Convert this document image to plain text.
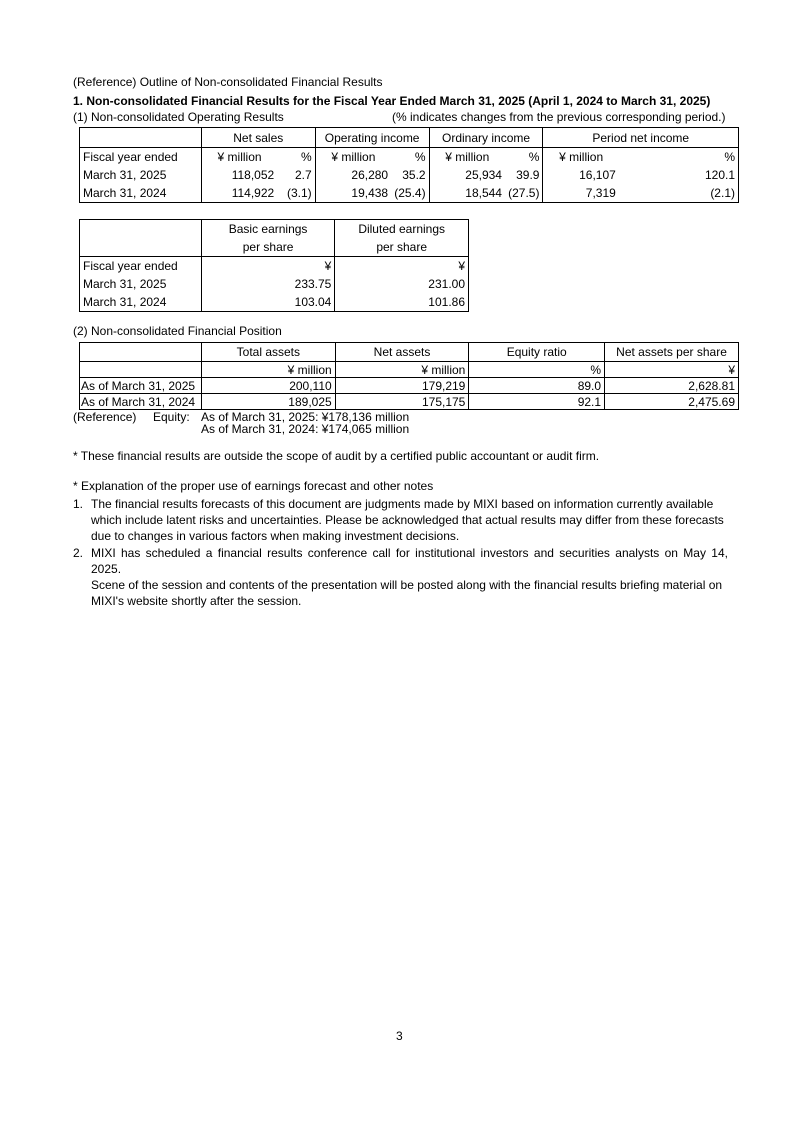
(Reference) Outline of Non-consolidated Financial Results
1. Non-consolidated Financial Results for the Fiscal Year Ended March 31, 2025 (April 1, 2024 to March 31, 2025)
(1) Non-consolidated Operating Results	(% indicates changes from the previous corresponding period.)
	Net sales		Operating income		Ordinary income		Period net income	
Fiscal year ended	¥ million	%	¥ million	%	¥ million	%	¥ million	%
March 31, 2025	118,052	2.7	26,280	35.2	25,934	39.9	16,107	120.1
March 31, 2024	114,922	(3.1)	19,438	(25.4)	18,544	(27.5)	7,319	(2.1)
	Basic earnings	Diluted earnings
	per share	per share
Fiscal year ended	¥	¥
March 31, 2025	233.75	231.00
March 31, 2024	103.04	101.86
(2) Non-consolidated Financial Position
	Total assets	Net assets	Equity ratio	Net assets per share
	¥ million	¥ million	%	¥
As of March 31, 2025	200,110	179,219	89.0	2,628.81
As of March 31, 2024	189,025	175,175	92.1	2,475.69
(Reference) Equity: As of March 31, 2025: ¥178,136 million
As of March 31, 2024: ¥174,065 million
* These financial results are outside the scope of audit by a certified public accountant or audit firm.
* Explanation of the proper use of earnings forecast and other notes
1. The financial results forecasts of this document are judgments made by MIXI based on information currently available
which include latent risks and uncertainties. Please be acknowledged that actual results may differ from these forecasts
due to changes in various factors when making investment decisions.
2. MIXI has scheduled a financial results conference call for institutional investors and securities analysts on May 14, 2025.
Scene of the session and contents of the presentation will be posted along with the financial results briefing material on
MIXI's website shortly after the session.
3
